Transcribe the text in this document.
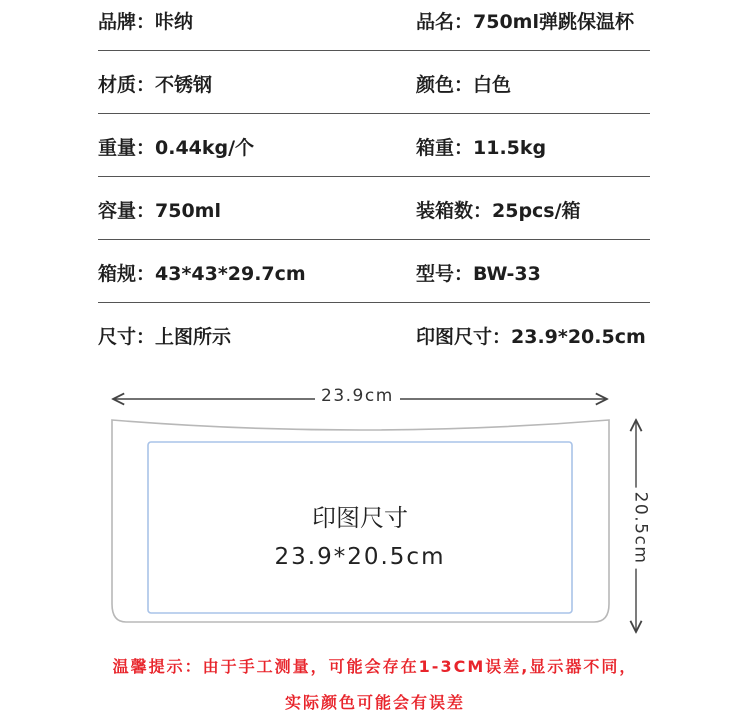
品牌：咔纳	品名：750ml弹跳保温杯
材质：不锈钢	颜色：白色
重量：0.44kg/个	箱重：11.5kg
容量：750ml	装箱数：25pcs/箱
箱规：43*43*29.7cm	型号：BW-33
尺寸：上图所示	印图尺寸：23.9*20.5cm
23.9cm
20.5cm
印图尺寸
23.9*20.5cm
温馨提示：由于手工测量，可能会存在1-3CM误差,显示器不同，
实际颜色可能会有误差
